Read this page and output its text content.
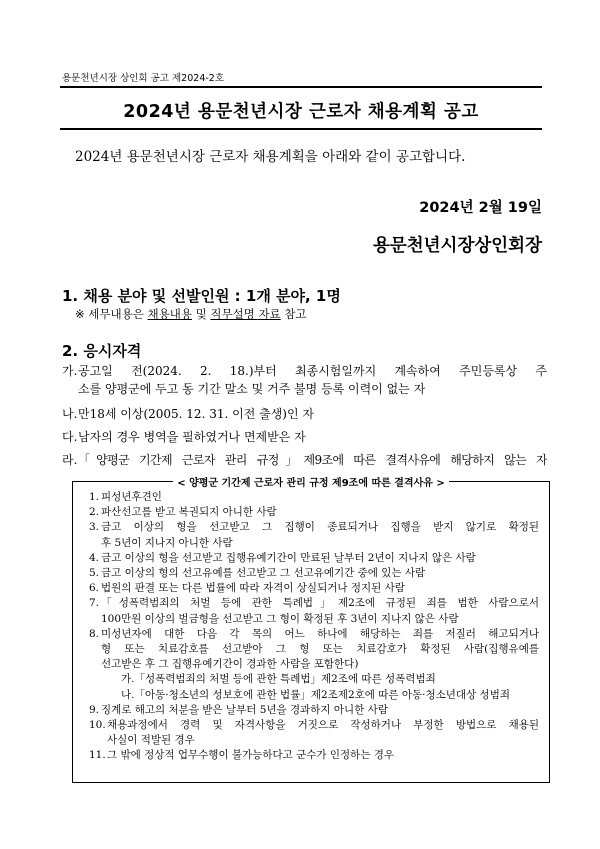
용문천년시장 상인회 공고 제2024-2호
2024년 용문천년시장 근로자 채용계획 공고
2024년 용문천년시장 근로자 채용계획을 아래와 같이 공고합니다.
2024년 2월 19일
용문천년시장상인회장
1. 채용 분야 및 선발인원 : 1개 분야, 1명
※ 세무내용은 채용내용 및 직무설명 자료 참고
2. 응시자격
가. 공고일 전(2024. 2. 18.)부터 최종시험일까지 계속하여 주민등록상 주
소를 양평군에 두고 동 기간 말소 및 거주 불명 등록 이력이 없는 자
나. 만18세 이상(2005. 12. 31. 이전 출생)인 자
다. 남자의 경우 병역을 필하였거나 면제받은 자
라. 「양평군 기간제 근로자 관리 규정」제9조에 따른 결격사유에 해당하지 않는 자
< 양평군 기간제 근로자 관리 규정 제9조에 따른 결격사유 >
1. 피성년후견인
2. 파산선고를 받고 복권되지 아니한 사람
3. 금고 이상의 형을 선고받고 그 집행이 종료되거나 집행을 받지 않기로 확정된
후 5년이 지나지 아니한 사람
4. 금고 이상의 형을 선고받고 집행유예기간이 만료된 날부터 2년이 지나지 않은 사람
5. 금고 이상의 형의 선고유예를 선고받고 그 선고유예기간 중에 있는 사람
6. 법원의 판결 또는 다른 법률에 따라 자격이 상실되거나 정지된 사람
7. 「성폭력범죄의 처벌 등에 관한 특례법」제2조에 규정된 죄를 범한 사람으로서
100만원 이상의 벌금형을 선고받고 그 형이 확정된 후 3년이 지나지 않은 사람
8. 미성년자에 대한 다음 각 목의 어느 하나에 해당하는 죄를 저질러 해고되거나
형 또는 치료감호를 선고받아 그 형 또는 치료감호가 확정된 사람(집행유예를
선고받은 후 그 집행유예기간이 경과한 사람을 포함한다)
가.「성폭력범죄의 처벌 등에 관한 특례법」제2조에 따른 성폭력범죄
나.「아동·청소년의 성보호에 관한 법률」제2조제2호에 따른 아동·청소년대상 성범죄
9. 징계로 해고의 처분을 받은 날부터 5년을 경과하지 아니한 사람
10. 채용과정에서 경력 및 자격사항을 거짓으로 작성하거나 부정한 방법으로 채용된
사실이 적발된 경우
11. 그 밖에 정상적 업무수행이 불가능하다고 군수가 인정하는 경우
